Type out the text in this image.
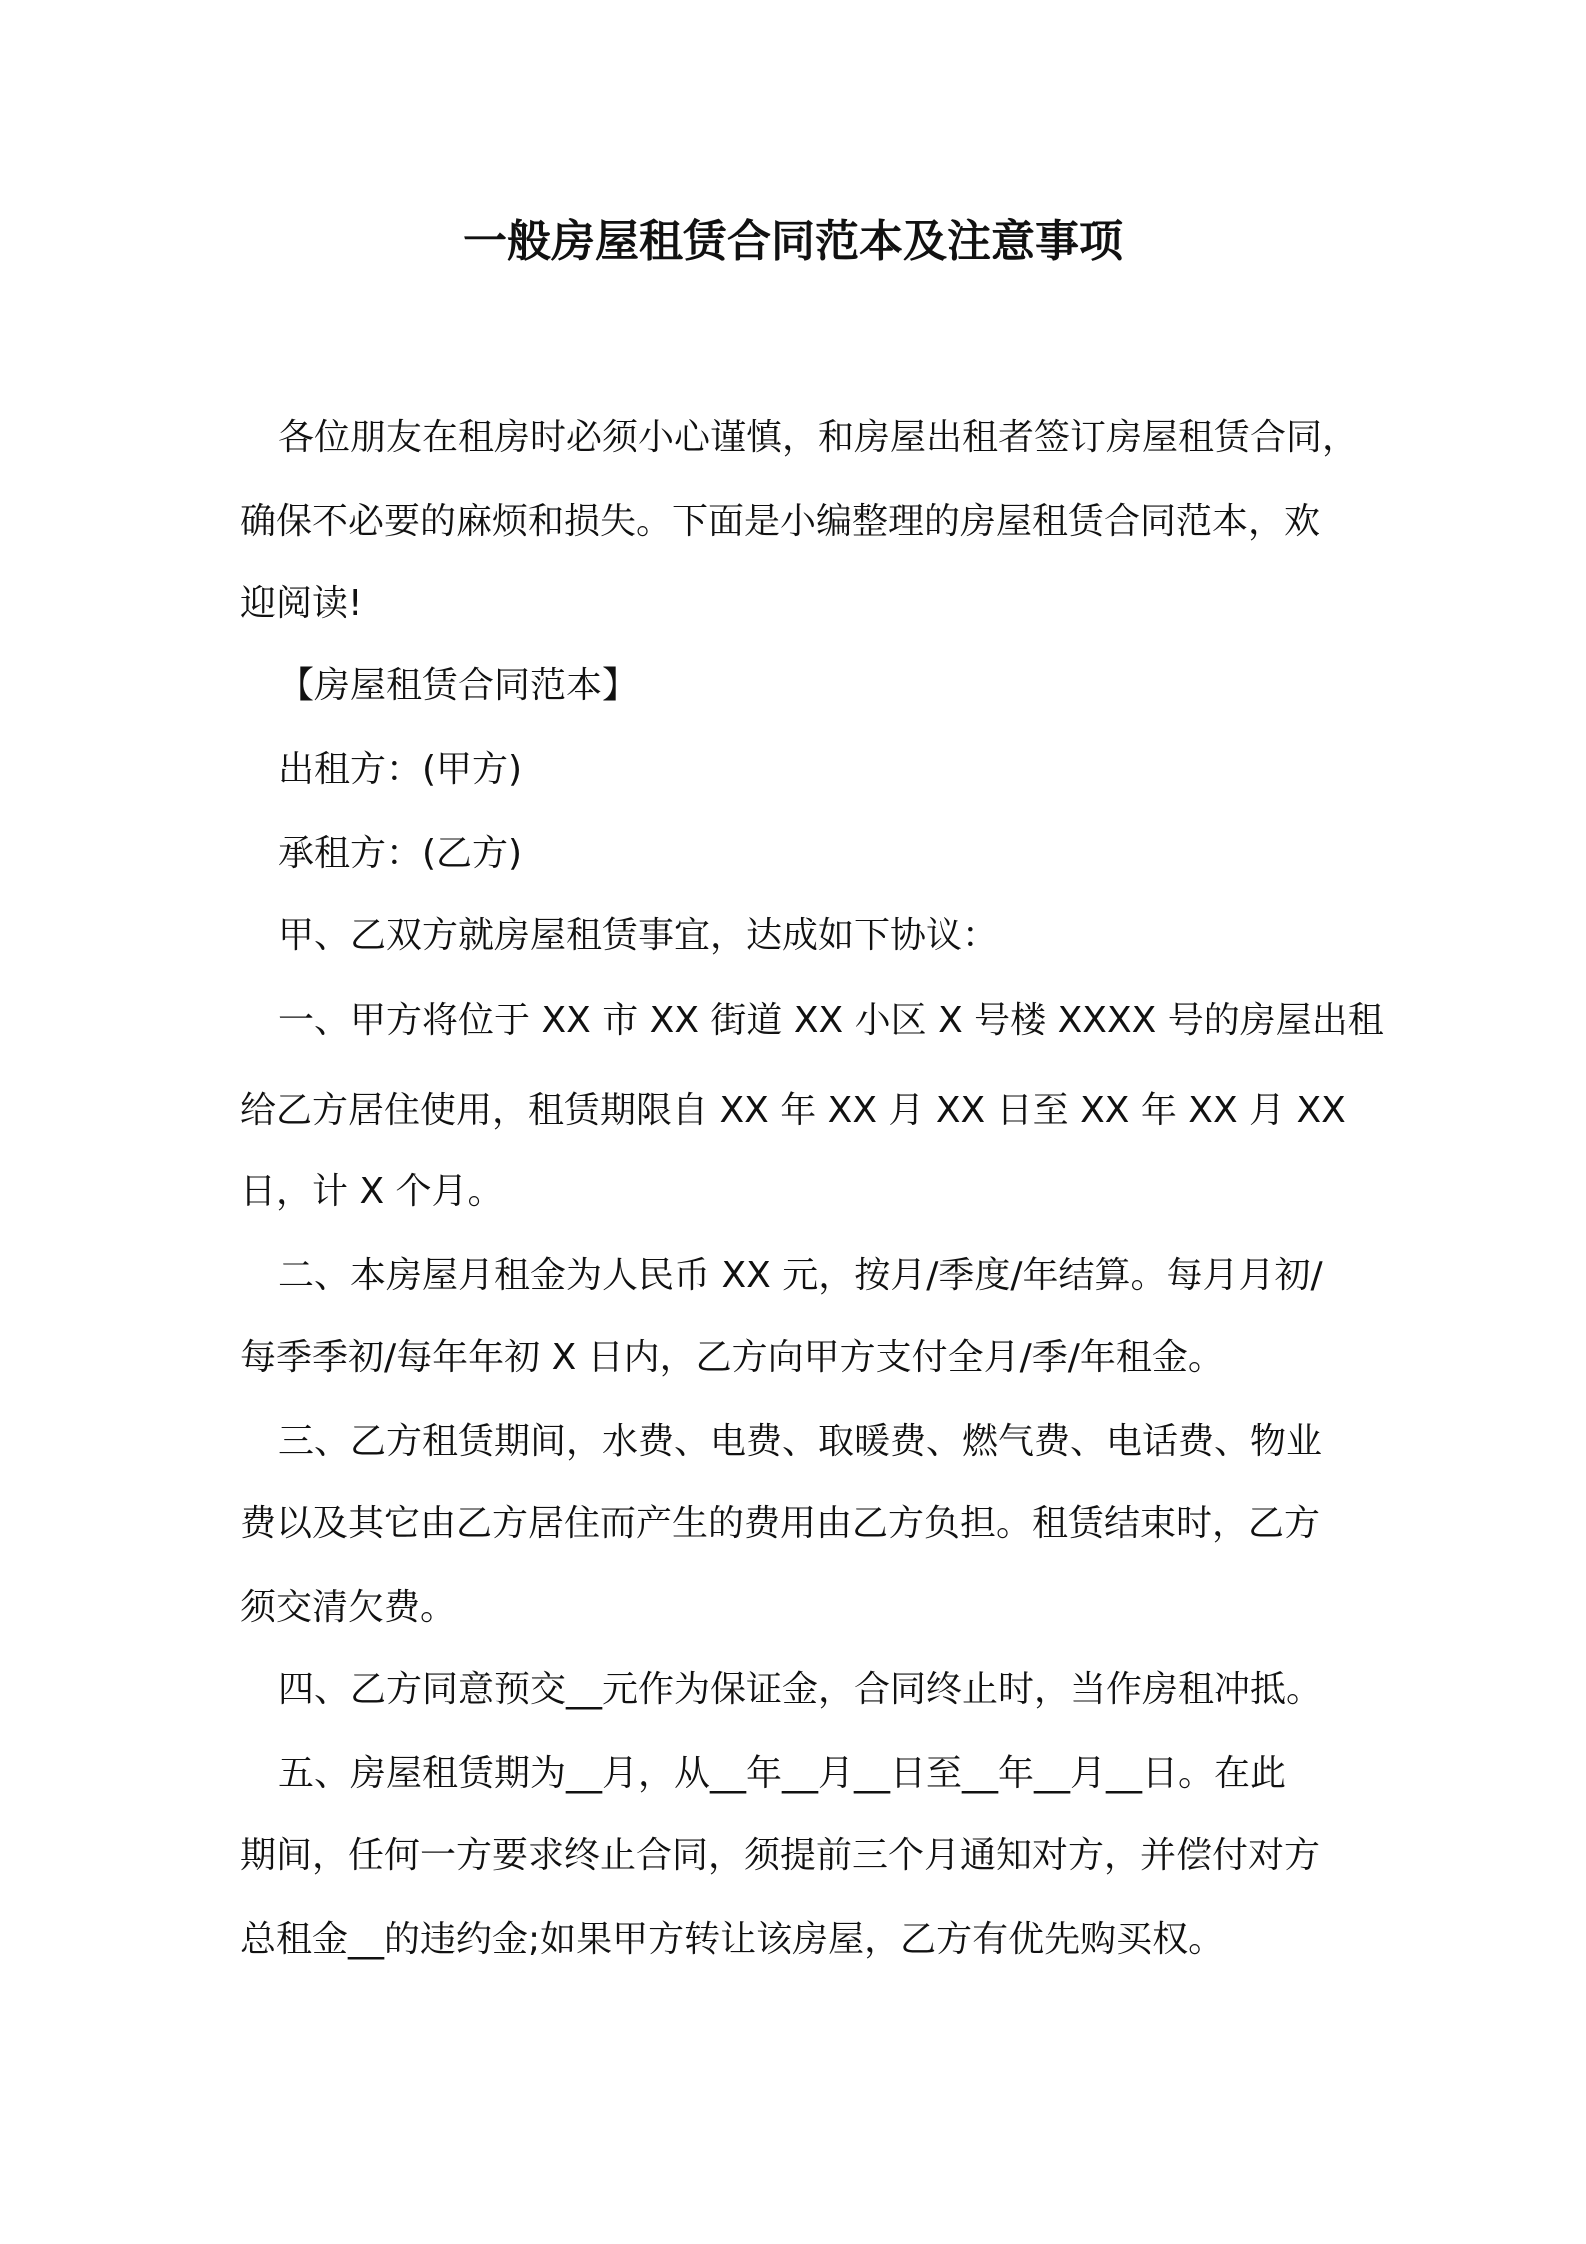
一般房屋租赁合同范本及注意事项
各位朋友在租房时必须小心谨慎，和房屋出租者签订房屋租赁合同，
确保不必要的麻烦和损失。下面是小编整理的房屋租赁合同范本，欢
迎阅读!
【房屋租赁合同范本】
出租方：(甲方)
承租方：(乙方)
甲、乙双方就房屋租赁事宜，达成如下协议：
一、甲方将位于 XX 市 XX 街道 XX 小区 X 号楼 XXXX 号的房屋出租
给乙方居住使用，租赁期限自 XX 年 XX 月 XX 日至 XX 年 XX 月 XX
日，计 X 个月。
二、本房屋月租金为人民币 XX 元，按月/季度/年结算。每月月初/
每季季初/每年年初 X 日内，乙方向甲方支付全月/季/年租金。
三、乙方租赁期间，水费、电费、取暖费、燃气费、电话费、物业
费以及其它由乙方居住而产生的费用由乙方负担。租赁结束时，乙方
须交清欠费。
四、乙方同意预交__元作为保证金，合同终止时，当作房租冲抵。
五、房屋租赁期为__月，从__年__月__日至__年__月__日。在此
期间，任何一方要求终止合同，须提前三个月通知对方，并偿付对方
总租金__的违约金;如果甲方转让该房屋，乙方有优先购买权。
